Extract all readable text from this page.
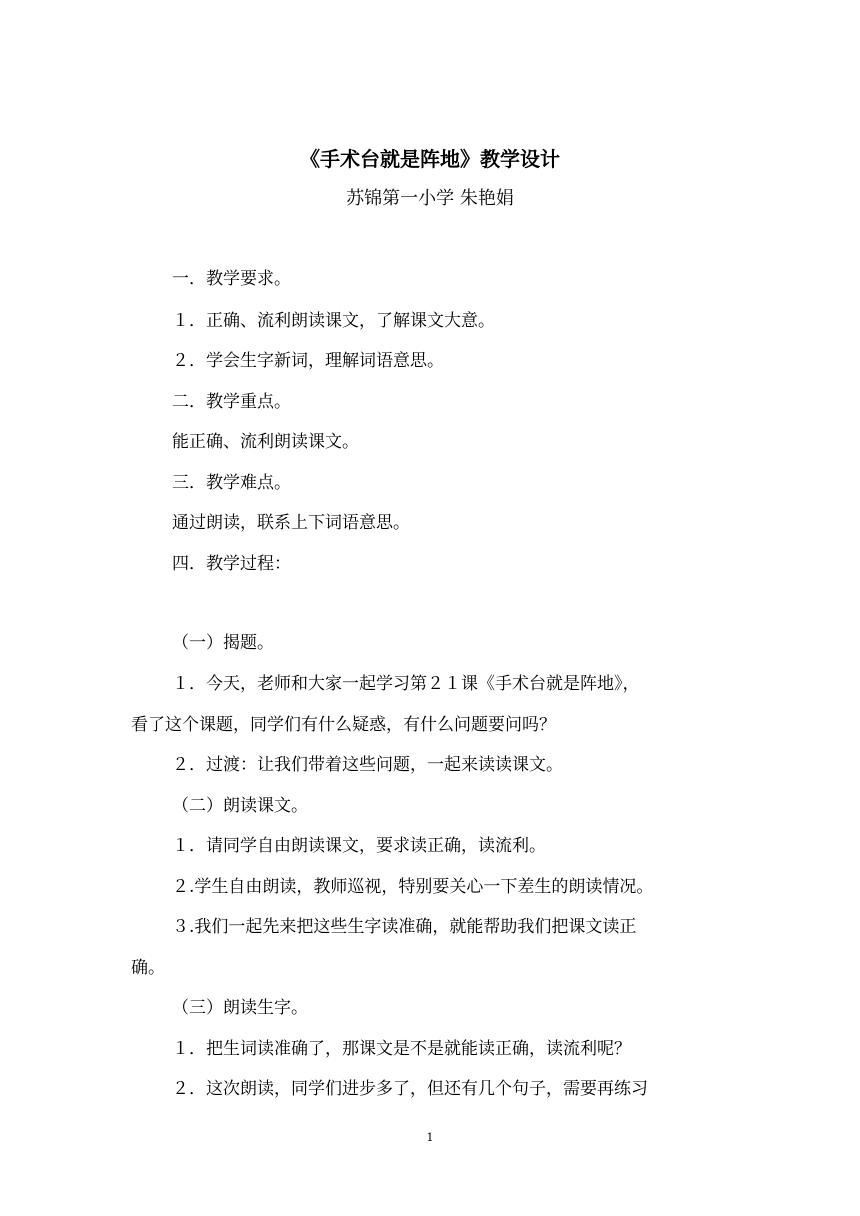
《手术台就是阵地》教学设计
苏锦第一小学 朱艳娟
一．教学要求。
１．正确、流利朗读课文，了解课文大意。
２．学会生字新词，理解词语意思。
二．教学重点。
能正确、流利朗读课文。
三．教学难点。
通过朗读，联系上下词语意思。
四．教学过程：
（一）揭题。
１．今天，老师和大家一起学习第２１课《手术台就是阵地》，
看了这个课题，同学们有什么疑惑，有什么问题要问吗？
２．过渡：让我们带着这些问题，一起来读读课文。
（二）朗读课文。
１．请同学自由朗读课文，要求读正确，读流利。
２.学生自由朗读，教师巡视，特别要关心一下差生的朗读情况。
３.我们一起先来把这些生字读准确，就能帮助我们把课文读正
确。
（三）朗读生字。
１．把生词读准确了，那课文是不是就能读正确，读流利呢？
２．这次朗读，同学们进步多了，但还有几个句子，需要再练习
1
